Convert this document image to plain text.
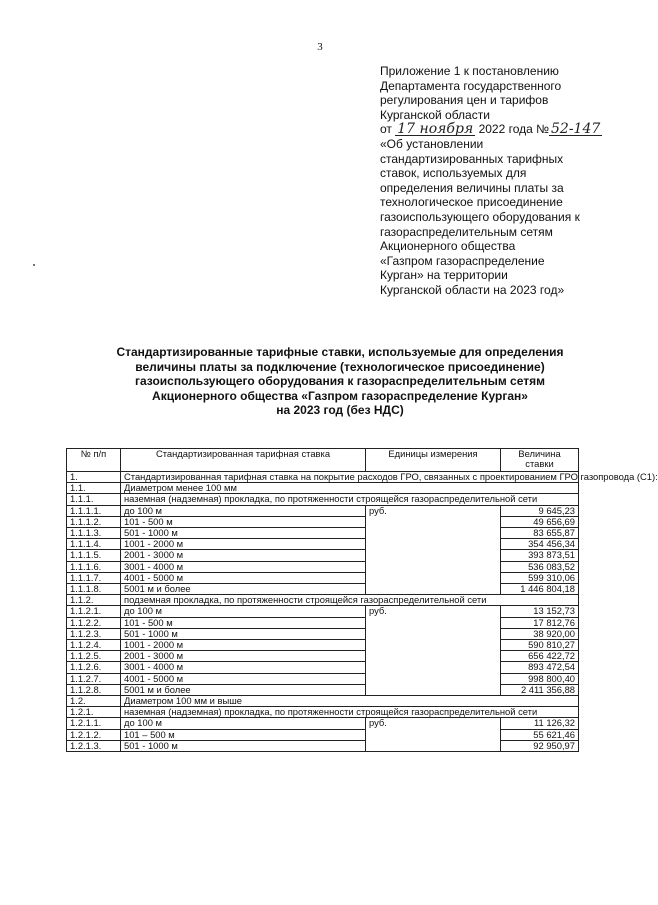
3
Приложение 1 к постановлению
Департамента государственного
регулирования цен и тарифов
Курганской области
от 17 ноября 2022 года № 52-147
«Об установлении
стандартизированных тарифных
ставок, используемых для
определения величины платы за
технологическое присоединение
газоиспользующего оборудования к
газораспределительным сетям
Акционерного общества
«Газпром газораспределение
Курган» на территории
Курганской области на 2023 год»
Стандартизированные тарифные ставки, используемые для определения
величины платы за подключение (технологическое присоединение)
газоиспользующего оборудования к газораспределительным сетям
Акционерного общества «Газпром газораспределение Курган»
на 2023 год (без НДС)
№ п/п	Стандартизированная тарифная ставка	Единицы измерения	Величина ставки
1.	Стандартизированная тарифная ставка на покрытие расходов ГРО, связанных с проектированием ГРО газопровода (С1):		
1.1.	Диаметром менее 100 мм		
1.1.1.	наземная (надземная) прокладка, по протяженности строящейся газораспределительной сети		
1.1.1.1.	до 100 м	руб.	9 645,23
1.1.1.2.	101 - 500 м		49 656,69
1.1.1.3.	501 - 1000 м		83 655,87
1.1.1.4.	1001 - 2000 м		354 456,34
1.1.1.5.	2001 - 3000 м		393 873,51
1.1.1.6.	3001 - 4000 м		536 083,52
1.1.1.7.	4001 - 5000 м		599 310,06
1.1.1.8.	5001 м и более		1 446 804,18
1.1.2.	подземная прокладка, по протяженности строящейся газораспределительной сети		
1.1.2.1.	до 100 м	руб.	13 152,73
1.1.2.2.	101 - 500 м		17 812,76
1.1.2.3.	501 - 1000 м		38 920,00
1.1.2.4.	1001 - 2000 м		590 810,27
1.1.2.5.	2001 - 3000 м		656 422,72
1.1.2.6.	3001 - 4000 м		893 472,54
1.1.2.7.	4001 - 5000 м		998 800,40
1.1.2.8.	5001 м и более		2 411 356,88
1.2.	Диаметром 100 мм и выше		
1.2.1.	наземная (надземная) прокладка, по протяженности строящейся газораспределительной сети		
1.2.1.1.	до 100 м	руб.	11 126,32
1.2.1.2.	101 – 500 м		55 621,46
1.2.1.3.	501 - 1000 м		92 950,97
